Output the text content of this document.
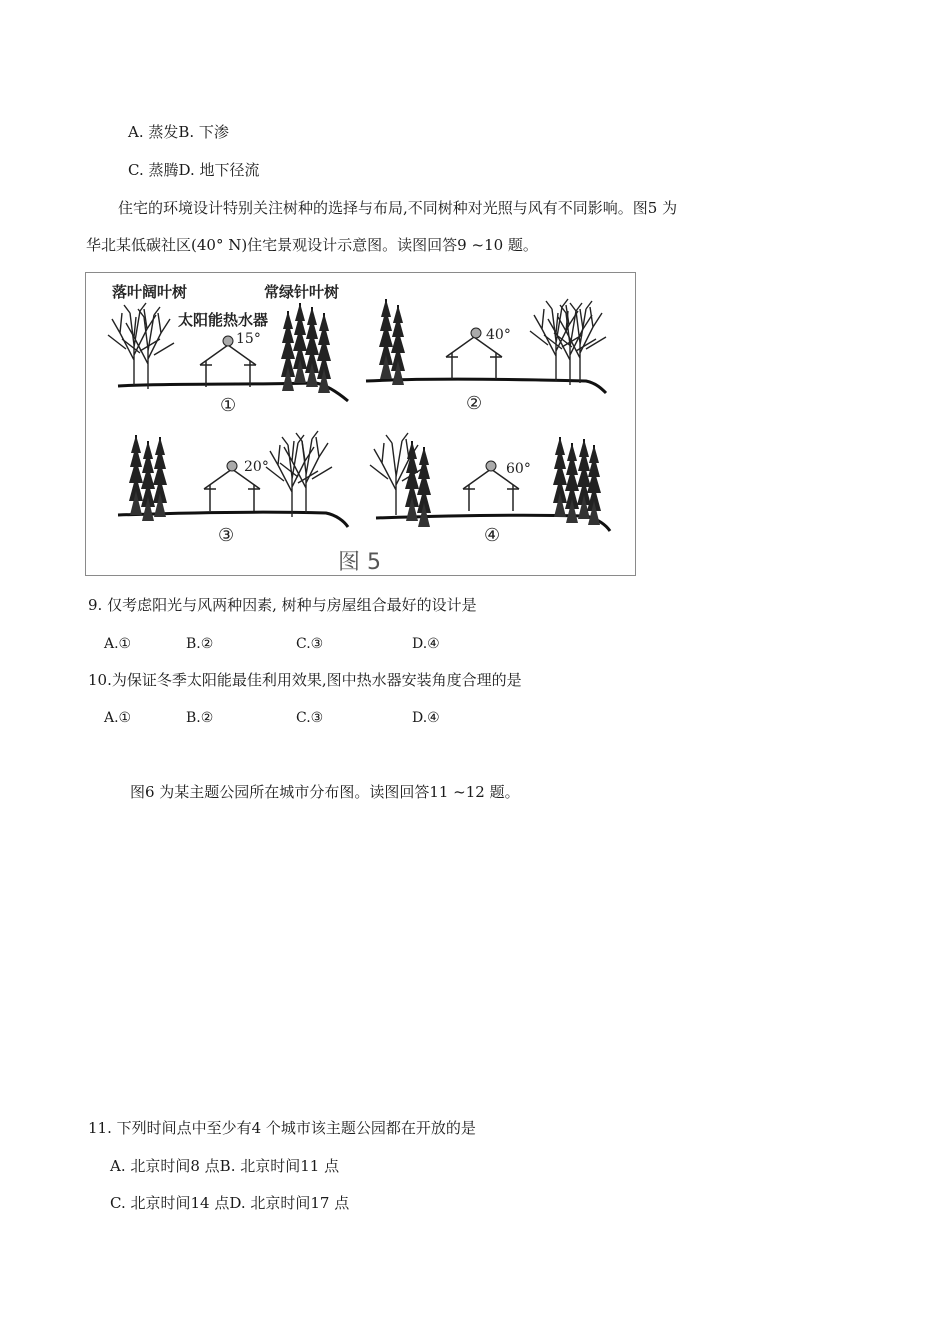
A. 蒸发B. 下渗
C. 蒸腾D. 地下径流
住宅的环境设计特别关注树种的选择与布局,不同树种对光照与风有不同影响。图5 为
华北某低碳社区(40° N)住宅景观设计示意图。读图回答9 ~10 题。
落叶阔叶树	常绿针叶树
太阳能热水器
15°
①
40°
②
20°
③
60°
④
图 5
9. 仅考虑阳光与风两种因素, 树种与房屋组合最好的设计是
A.①	B.②	C.③	D.④
10.为保证冬季太阳能最佳利用效果,图中热水器安装角度合理的是
A.①	B.②	C.③	D.④
图6 为某主题公园所在城市分布图。读图回答11 ~12 题。
11. 下列时间点中至少有4 个城市该主题公园都在开放的是
A. 北京时间8 点B. 北京时间11 点
C. 北京时间14 点D. 北京时间17 点
